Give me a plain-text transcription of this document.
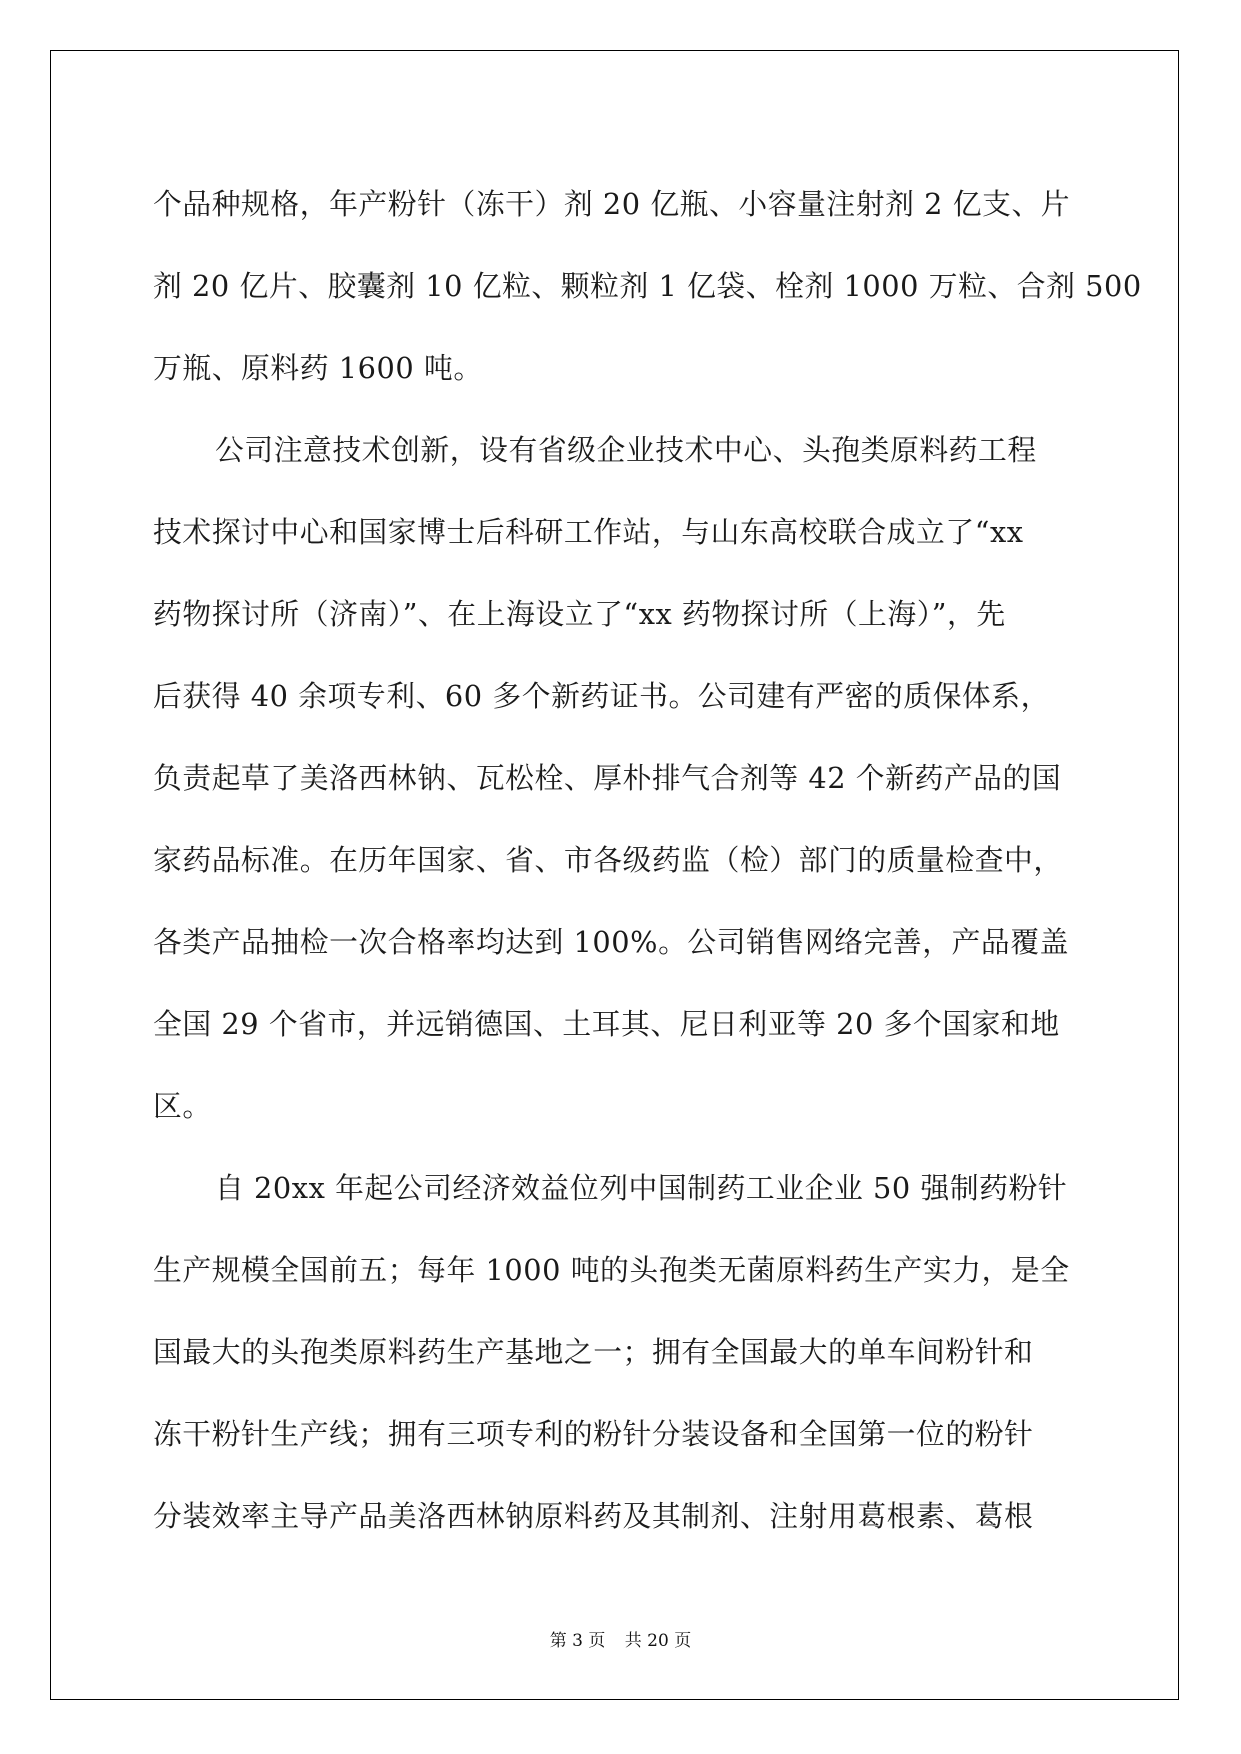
个品种规格，年产粉针（冻干）剂 20 亿瓶、小容量注射剂 2 亿支、片
剂 20 亿片、胶囊剂 10 亿粒、颗粒剂 1 亿袋、栓剂 1000 万粒、合剂 500
万瓶、原料药 1600 吨。
公司注意技术创新，设有省级企业技术中心、头孢类原料药工程
技术探讨中心和国家博士后科研工作站，与山东高校联合成立了“xx
药物探讨所（济南）”、在上海设立了“xx 药物探讨所（上海）”，先
后获得 40 余项专利、60 多个新药证书。公司建有严密的质保体系，
负责起草了美洛西林钠、瓦松栓、厚朴排气合剂等 42 个新药产品的国
家药品标准。在历年国家、省、市各级药监（检）部门的质量检查中，
各类产品抽检一次合格率均达到 100%。公司销售网络完善，产品覆盖
全国 29 个省市，并远销德国、土耳其、尼日利亚等 20 多个国家和地
区。
自 20xx 年起公司经济效益位列中国制药工业企业 50 强制药粉针
生产规模全国前五；每年 1000 吨的头孢类无菌原料药生产实力，是全
国最大的头孢类原料药生产基地之一；拥有全国最大的单车间粉针和
冻干粉针生产线；拥有三项专利的粉针分装设备和全国第一位的粉针
分装效率主导产品美洛西林钠原料药及其制剂、注射用葛根素、葛根
第 3 页 共 20 页
